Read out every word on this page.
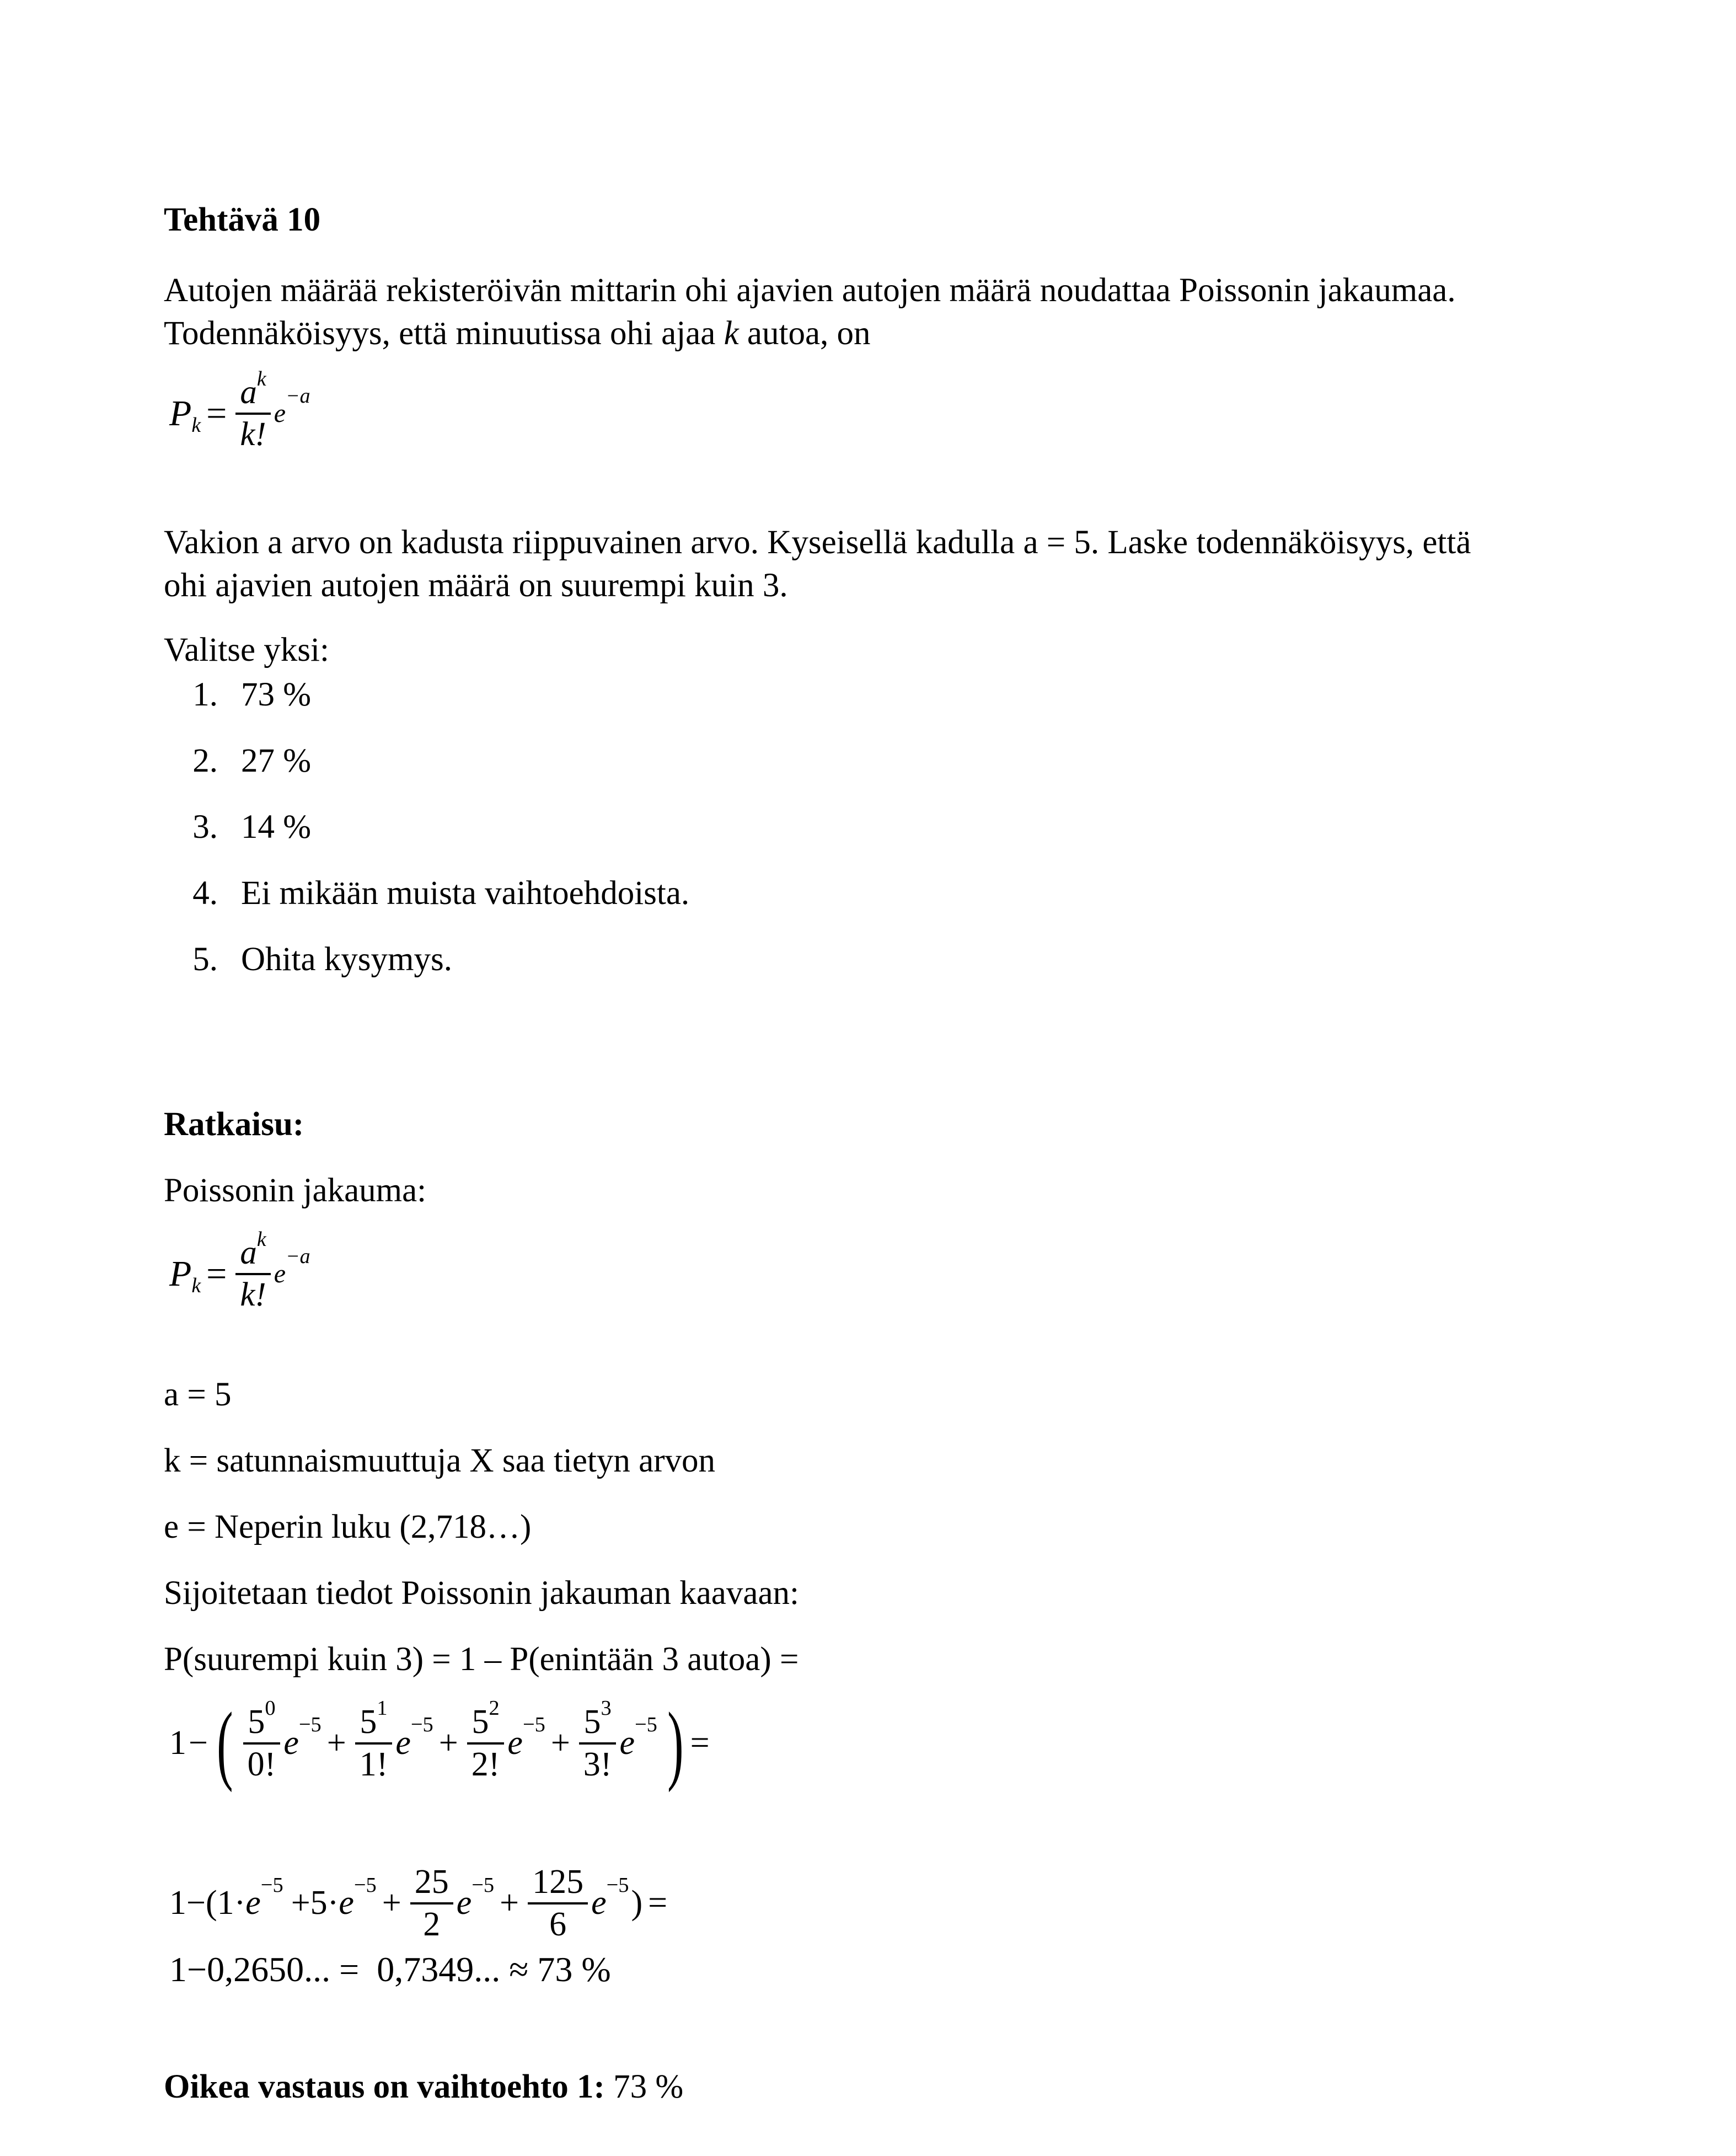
Tehtävä 10

Autojen määrää rekisteröivän mittarin ohi ajavien autojen määrä noudattaa Poissonin jakaumaa.

Todennäköisyys, että minuutissa ohi ajaa k autoa, on

P $k = \frac{a^k}{k!}$ e
−a

Vakion a arvo on kadusta riippuvainen arvo. Kyseisellä kadulla a = 5. Laske todennäköisyys, että

ohi ajavien autojen määrä on suurempi kuin 3.

Valitse yksi:

1. 73 %
2. 27 %
3. 14 %
4. Ei mikään muista vaihtoehdoista.
5. Ohita kysymys.

Ratkaisu:

Poissonin jakauma:

P $k = \frac{a^k}{k!}$ e
−a

a = 5

k = satunnaismuuttuja X saa tietyn arvon

e = Neperin luku (2,718…)

Sijoitetaan tiedot Poissonin jakauman kaavaan:

P(suurempi kuin 3) = 1 – P(enintään 3 autoa) =

1 − ( $\frac{5^0}{0!}$ $e -5 + \frac{5^1}{1!}$ $e -5 + \frac{5^2}{2!}$ $e -5 + \frac{5^3}{3!}$ e −5 ) =
$1-(1\cdot e -5 +5\cdot e -5 + \frac{25}{2}$ $e -5 + \frac{125}{6}$ e −5 ) =

1−0,2650... =  0,7349... ≈ 73 %

Oikea vastaus on vaihtoehto 1: 73 %
